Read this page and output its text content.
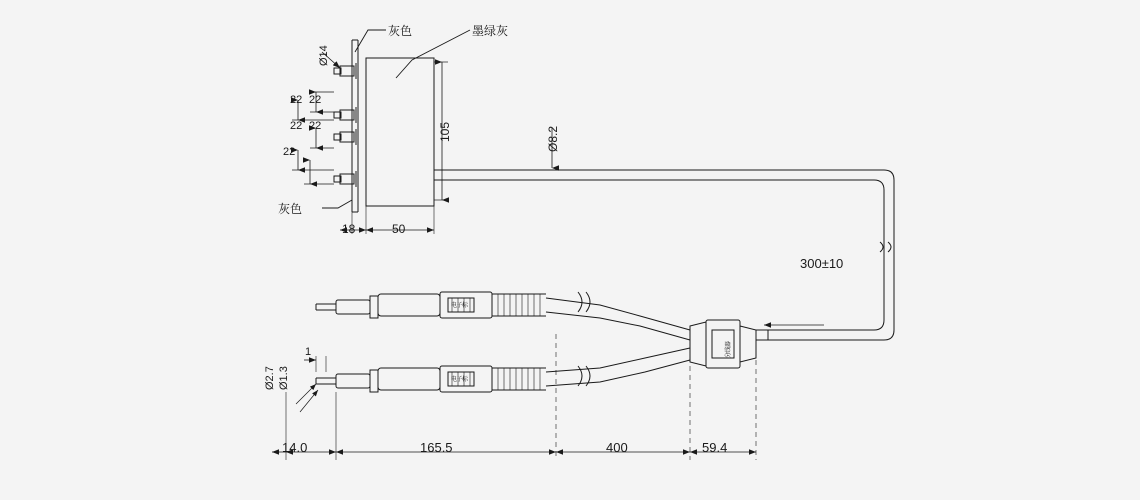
灰色	墨绿灰
灰色
Ø14
22
22
22
22
22
105	Ø8.2
18	50
300±10
1
Ø2.7 Ø1.3
14.0	165.5	400	59.4
电子标
电子标
分线器
